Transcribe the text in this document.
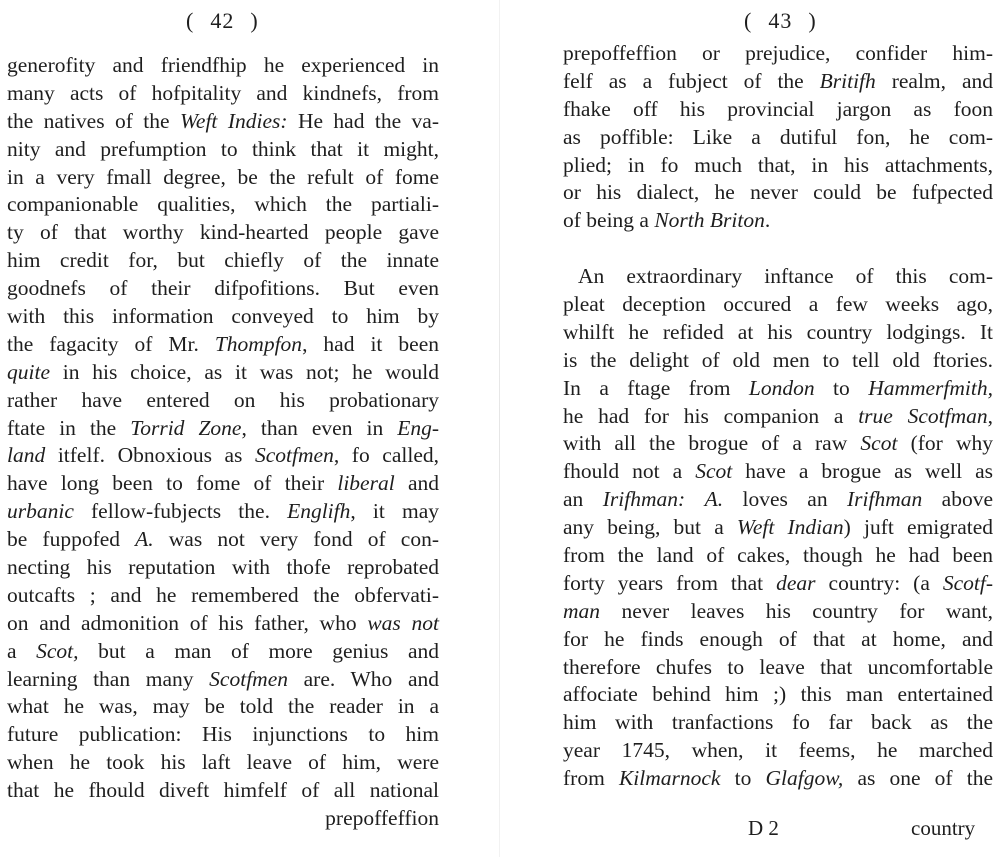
( 42 )
generofity and friendfhip he experienced in
many acts of hofpitality and kindnefs, from
the natives of the Weft Indies: He had the va-
nity and prefumption to think that it might,
in a very fmall degree, be the refult of fome
companionable qualities, which the partiali-
ty of that worthy kind-hearted people gave
him credit for, but chiefly of the innate
goodnefs of their difpofitions. But even
with this information conveyed to him by
the fagacity of Mr. Thompfon, had it been
quite in his choice, as it was not; he would
rather have entered on his probationary
ftate in the Torrid Zone, than even in Eng-
land itfelf. Obnoxious as Scotfmen, fo called,
have long been to fome of their liberal and
urbanic fellow-fubjects the. Englifh, it may
be fuppofed A. was not very fond of con-
necting his reputation with thofe reprobated
outcafts ; and he remembered the obfervati-
on and admonition of his father, who was not
a Scot, but a man of more genius and
learning than many Scotfmen are. Who and
what he was, may be told the reader in a
future publication: His injunctions to him
when he took his laft leave of him, were
that he fhould diveft himfelf of all national
prepoffeffion
( 43 )
prepoffeffion or prejudice, confider him-
felf as a fubject of the Britifh realm, and
fhake off his provincial jargon as foon
as poffible: Like a dutiful fon, he com-
plied; in fo much that, in his attachments,
or his dialect, he never could be fufpected
of being a North Briton.
An extraordinary inftance of this com-
pleat deception occured a few weeks ago,
whilft he refided at his country lodgings. It
is the delight of old men to tell old ftories.
In a ftage from London to Hammerfmith,
he had for his companion a true Scotfman,
with all the brogue of a raw Scot (for why
fhould not a Scot have a brogue as well as
an Irifhman: A. loves an Irifhman above
any being, but a Weft Indian) juft emigrated
from the land of cakes, though he had been
forty years from that dear country: (a Scotf-
man never leaves his country for want,
for he finds enough of that at home, and
therefore chufes to leave that uncomfortable
affociate behind him ;) this man entertained
him with tranfactions fo far back as the
year 1745, when, it feems, he marched
from Kilmarnock to Glafgow, as one of the
D 2	country
